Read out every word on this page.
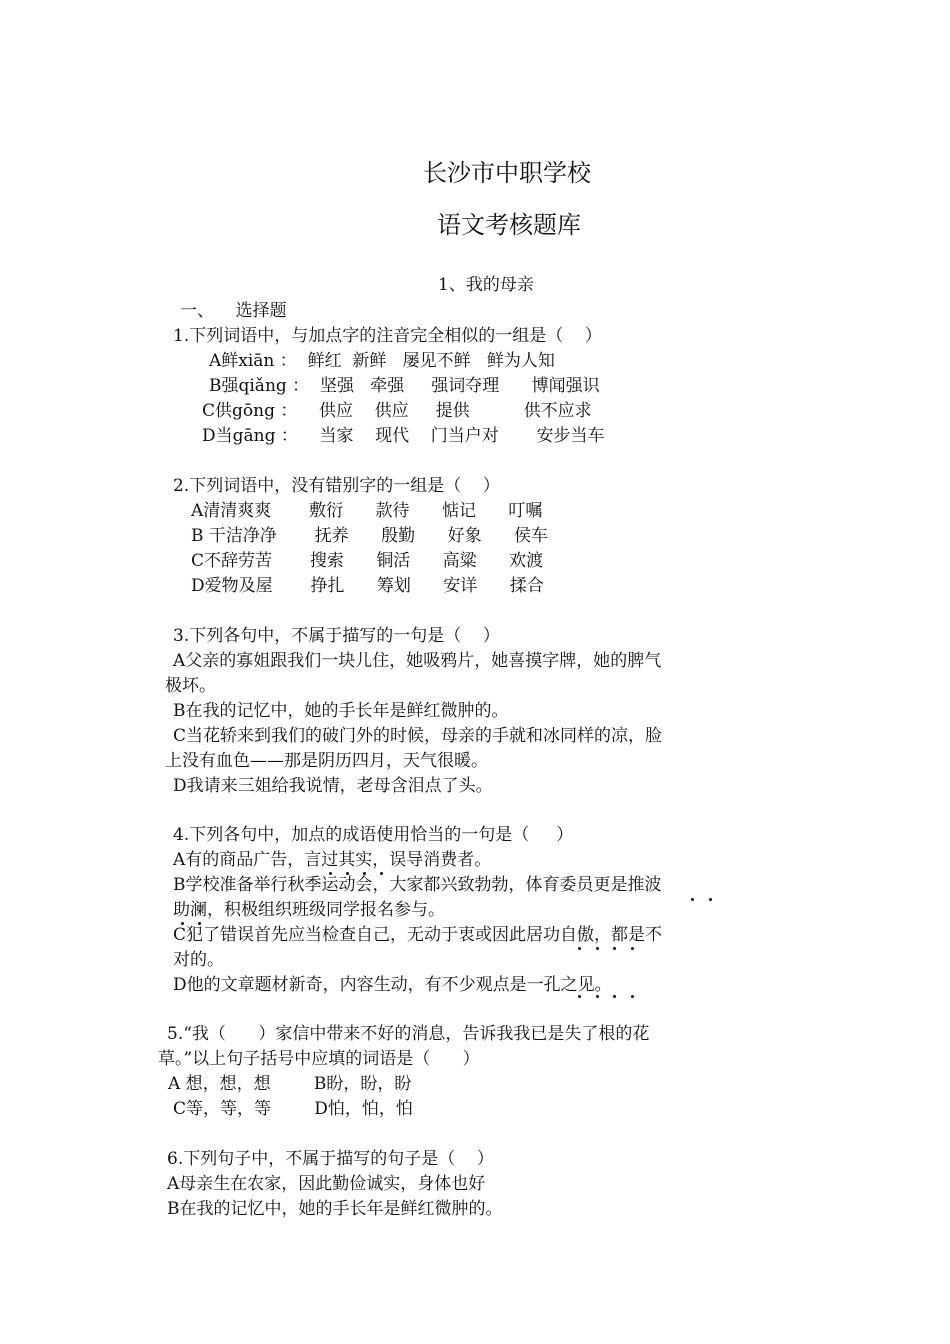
长沙市中职学校
语文考核题库
1、我的母亲
一、    选择题
1.下列词语中，与加点字的注音完全相似的一组是（    ）
A鲜xiān ：  鲜红  新鲜   屡见不鲜   鲜为人知
B强qiǎng ：  坚强   牵强     强词夺理      博闻强识
C供gōng ：    供应    供应     提供          供不应求
D当gāng ：    当家    现代    门当户对       安步当车
2.下列词语中，没有错别字的一组是（    ）
A清清爽爽       敷衍      款待      惦记      叮嘱
B 干洁净净       抚养      殷勤      好象      侯车
C不辞劳苦       搜索      铜活      高粱      欢渡
D爱物及屋       挣扎      筹划      安详      揉合
3.下列各句中，不属于描写的一句是（    ）
A父亲的寡姐跟我们一块儿住，她吸鸦片，她喜摸字牌，她的脾气
极坏。
B在我的记忆中，她的手长年是鲜红微肿的。
C当花轿来到我们的破门外的时候，母亲的手就和冰同样的凉，脸
上没有血色——那是阴历四月，天气很暖。
D我请来三姐给我说情，老母含泪点了头。
4.下列各句中，加点的成语使用恰当的一句是（     ）
A有的商品广告，言过其实，误导消费者。
B学校准备举行秋季运动会，大家都兴致勃勃，体育委员更是推波
助澜，积极组织班级同学报名参与。
C犯了错误首先应当检查自己，无动于衷或因此居功自傲，都是不
对的。
D他的文章题材新奇，内容生动，有不少观点是一孔之见。
5.“我（      ）家信中带来不好的消息，告诉我我已是失了根的花
草。”以上句子括号中应填的词语是（      ）
A 想，想，想        B盼，盼，盼
C等，等，等        D怕，怕，怕
6.下列句子中，不属于描写的句子是（    ）
A母亲生在农家，因此勤俭诚实，身体也好
B在我的记忆中，她的手长年是鲜红微肿的。
